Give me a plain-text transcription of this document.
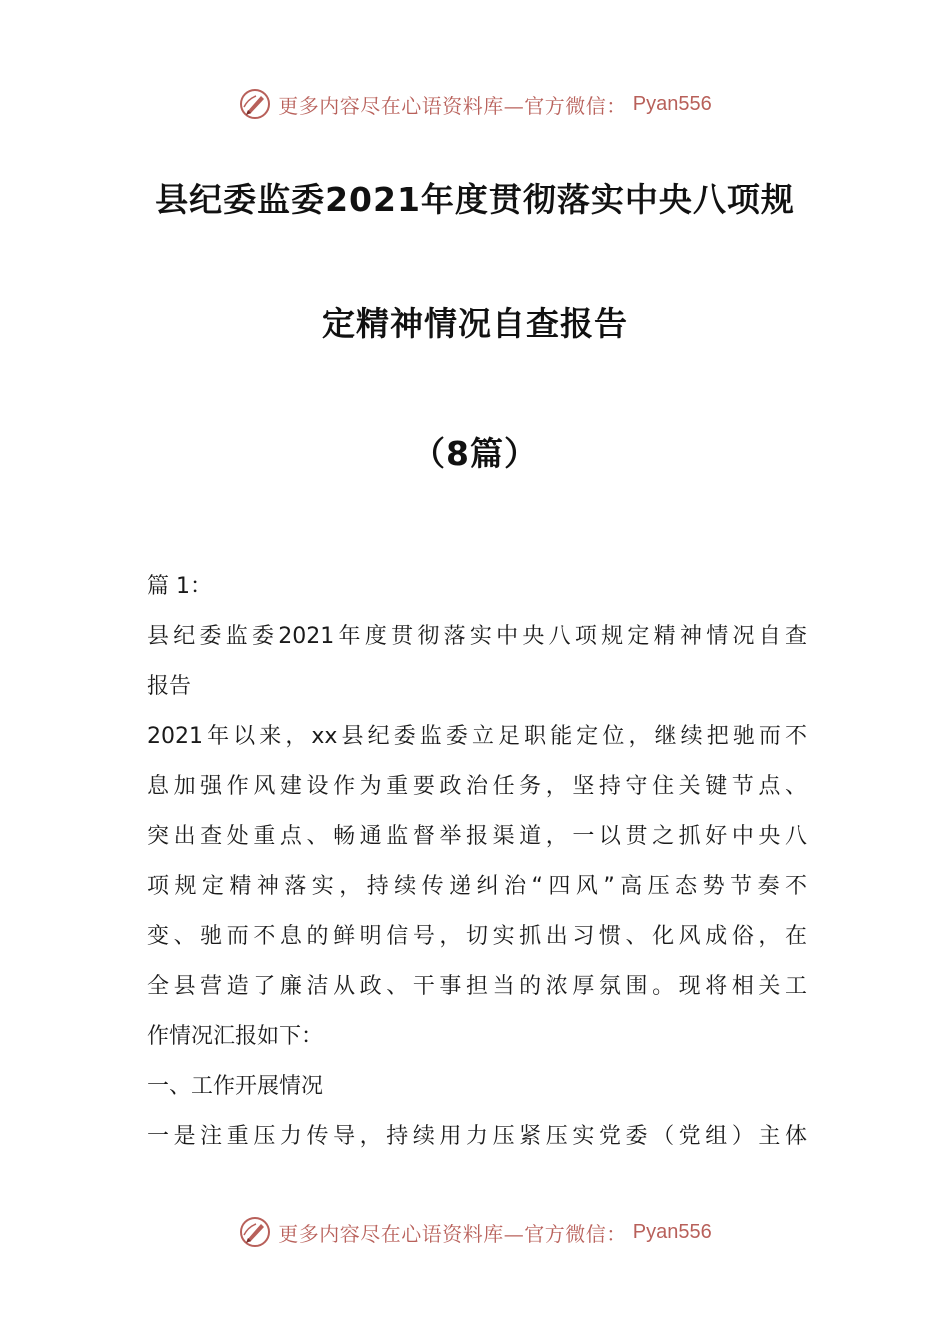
更多内容尽在心语资料库—官方微信： Pyan556
县纪委监委2021年度贯彻落实中央八项规
定精神情况自查报告
（8篇）
篇 1：
县纪委监委2021年度贯彻落实中央八项规定精神情况自查
报告
2021年以来，xx县纪委监委立足职能定位，继续把驰而不
息加强作风建设作为重要政治任务，坚持守住关键节点、
突出查处重点、畅通监督举报渠道，一以贯之抓好中央八
项规定精神落实，持续传递纠治“四风”高压态势节奏不
变、驰而不息的鲜明信号，切实抓出习惯、化风成俗，在
全县营造了廉洁从政、干事担当的浓厚氛围。现将相关工
作情况汇报如下：
一、工作开展情况
一是注重压力传导，持续用力压紧压实党委（党组）主体
更多内容尽在心语资料库—官方微信： Pyan556
